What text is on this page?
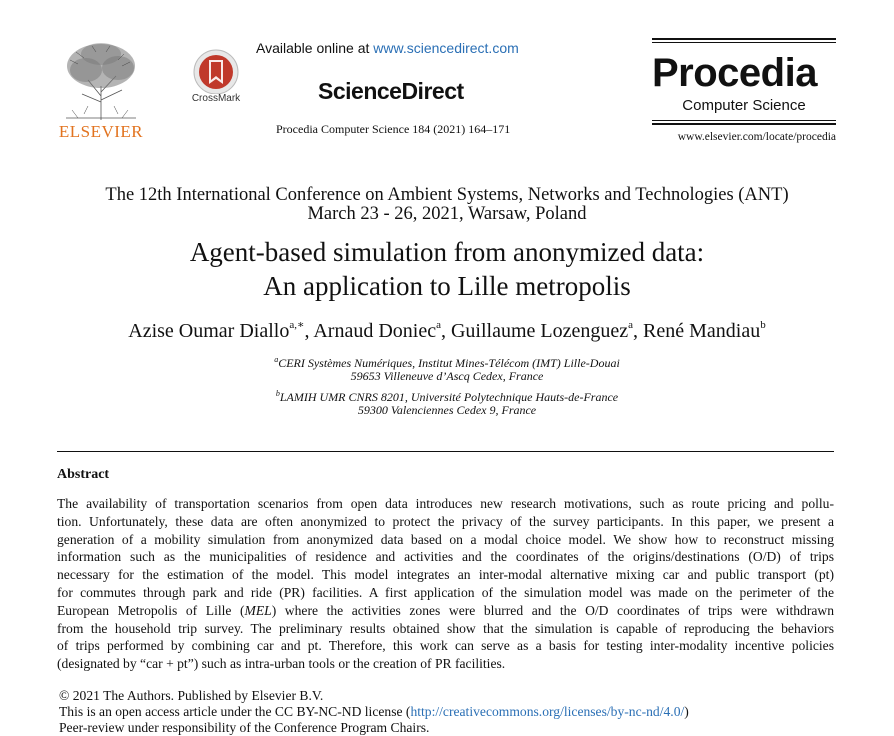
ELSEVIER
CrossMark
Available online at www.sciencedirect.com
ScienceDirect
Procedia Computer Science 184 (2021) 164–171
Procedia
Computer Science
www.elsevier.com/locate/procedia
The 12th International Conference on Ambient Systems, Networks and Technologies (ANT)
March 23 - 26, 2021, Warsaw, Poland
Agent-based simulation from anonymized data:
An application to Lille metropolis
Azise Oumar Diallo$^{a,∗}$, Arnaud Doniec$^a$, Guillaume Lozenguez$^a$, René Mandiau$^b$
$^a$CERI Systèmes Numériques, Institut Mines-Télécom (IMT) Lille-Douai
59653 Villeneuve d’Ascq Cedex, France
$^b$LAMIH UMR CNRS 8201, Université Polytechnique Hauts-de-France
59300 Valenciennes Cedex 9, France
Abstract
The availability of transportation scenarios from open data introduces new research motivations, such as route pricing and pollu-
tion. Unfortunately, these data are often anonymized to protect the privacy of the survey participants. In this paper, we present a
generation of a mobility simulation from anonymized data based on a modal choice model. We show how to reconstruct missing
information such as the municipalities of residence and activities and the coordinates of the origins/destinations (O/D) of trips
necessary for the estimation of the model. This model integrates an inter-modal alternative mixing car and public transport (pt)
for commutes through park and ride (PR) facilities. A first application of the simulation model was made on the perimeter of the
European Metropolis of Lille (MEL) where the activities zones were blurred and the O/D coordinates of trips were withdrawn
from the household trip survey. The preliminary results obtained show that the simulation is capable of reproducing the behaviors
of trips performed by combining car and pt. Therefore, this work can serve as a basis for testing inter-modality incentive policies
(designated by “car + pt”) such as intra-urban tools or the creation of PR facilities.
© 2021 The Authors. Published by Elsevier B.V.
This is an open access article under the CC BY-NC-ND license (http://creativecommons.org/licenses/by-nc-nd/4.0/)
Peer-review under responsibility of the Conference Program Chairs.
